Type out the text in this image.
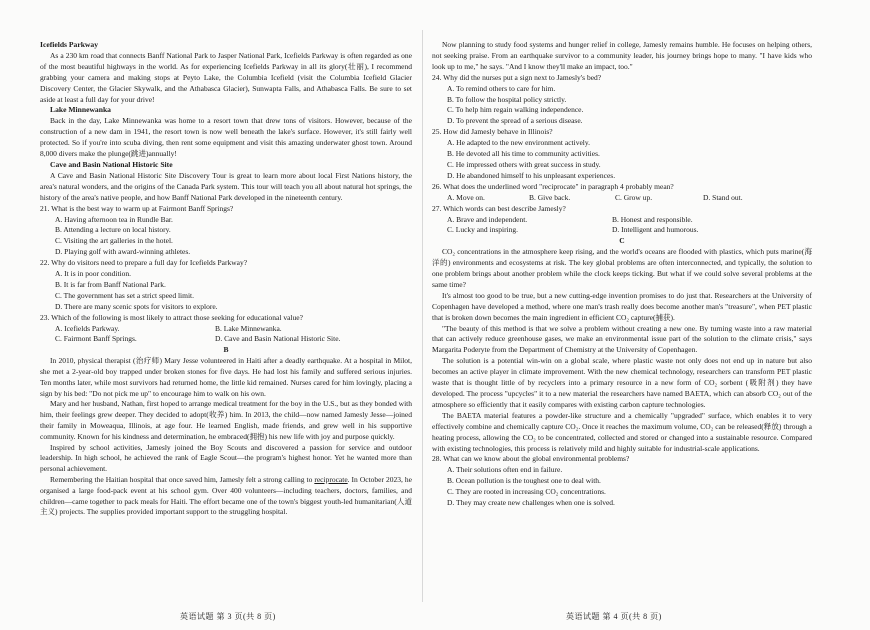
Icefields Parkway

As a 230 km road that connects Banff National Park to Jasper National Park, Icefields Parkway is often regarded as one of the most beautiful highways in the world. As for experiencing Icefields Parkway in all its glory(壮丽), I recommend grabbing your camera and making stops at Peyto Lake, the Columbia Icefield (visit the Columbia Icefield Glacier Discovery Center, the Glacier Skywalk, and the Athabasca Glacier), Sunwapta Falls, and Athabasca Falls. Be sure to set aside at least a full day for your drive!

Lake Minnewanka

Back in the day, Lake Minnewanka was home to a resort town that drew tons of visitors. However, because of the construction of a new dam in 1941, the resort town is now well beneath the lake's surface. However, it's still fairly well protected. So if you're into scuba diving, then rent some equipment and visit this amazing underwater ghost town. Around 8,000 divers make the plunge(跳进)annually!

Cave and Basin National Historic Site

A Cave and Basin National Historic Site Discovery Tour is great to learn more about local First Nations history, the area's natural wonders, and the origins of the Canada Park system. This tour will teach you all about natural hot springs, the history of the area's native people, and how Banff National Park developed in the nineteenth century.

21. What is the best way to warm up at Fairmont Banff Springs?

A. Having afternoon tea in Rundle Bar.

B. Attending a lecture on local history.

C. Visiting the art galleries in the hotel.

D. Playing golf with award-winning athletes.

22. Why do visitors need to prepare a full day for Icefields Parkway?

A. It is in poor condition.

B. It is far from Banff National Park.

C. The government has set a strict speed limit.

D. There are many scenic spots for visitors to explore.

23. Which of the following is most likely to attract those seeking for educational value?

A. Icefields Parkway.	B. Lake Minnewanka.
C. Fairmont Banff Springs.	D. Cave and Basin National Historic Site.

B

In 2010, physical therapist (治疗师) Mary Jesse volunteered in Haiti after a deadly earthquake. At a hospital in Milot, she met a 2-year-old boy trapped under broken stones for five days. He had lost his family and suffered serious injuries. Ten months later, while most survivors had returned home, the little kid remained. Nurses cared for him lovingly, placing a sign by his bed: "Do not pick me up" to encourage him to walk on his own.

Mary and her husband, Nathan, first hoped to arrange medical treatment for the boy in the U.S., but as they bonded with him, their feelings grew deeper. They decided to adopt(收养) him. In 2013, the child—now named Jamesly Jesse—joined their family in Moweaqua, Illinois, at age four. He learned English, made friends, and grew well in his supportive community. Known for his kindness and determination, he embraced(拥抱) his new life with joy and purpose quickly.

Inspired by school activities, Jamesly joined the Boy Scouts and discovered a passion for service and outdoor leadership. In high school, he achieved the rank of Eagle Scout—the program's highest honor. Yet he wanted more than personal achievement.

Remembering the Haitian hospital that once saved him, Jamesly felt a strong calling to reciprocate. In October 2023, he organised a large food-pack event at his school gym. Over 400 volunteers—including teachers, doctors, families, and children—came together to pack meals for Haiti. The effort became one of the town's biggest youth-led humanitarian(人道主义) projects. The supplies provided important support to the struggling hospital.

Now planning to study food systems and hunger relief in college, Jamesly remains humble. He focuses on helping others, not seeking praise. From an earthquake survivor to a community leader, his journey brings hope to many. "I have kids who look up to me," he says. "And I know they'll make an impact, too."

24. Why did the nurses put a sign next to Jamesly's bed?

A. To remind others to care for him.

B. To follow the hospital policy strictly.

C. To help him regain walking independence.

D. To prevent the spread of a serious disease.

25. How did Jamesly behave in Illinois?

A. He adapted to the new environment actively.

B. He devoted all his time to community activities.

C. He impressed others with great success in study.

D. He abandoned himself to his unpleasant experiences.

26. What does the underlined word "reciprocate" in paragraph 4 probably mean?

A. Move on.	B. Give back.	C. Grow up.	D. Stand out.

27. Which words can best describe Jamesly?

A. Brave and independent.	B. Honest and responsible.
C. Lucky and inspiring.	D. Intelligent and humorous.

C

CO₂ concentrations in the atmosphere keep rising, and the world's oceans are flooded with plastics, which puts marine(海洋的) environments and ecosystems at risk. The key global problems are often interconnected, and typically, the solution to one problem brings about another problem while the clock keeps ticking. But what if we could solve several problems at the same time?

It's almost too good to be true, but a new cutting-edge invention promises to do just that. Researchers at the University of Copenhagen have developed a method, where one man's trash really does become another man's "treasure", when PET plastic that is broken down becomes the main ingredient in efficient CO₂ capture(捕获).

"The beauty of this method is that we solve a problem without creating a new one. By turning waste into a raw material that can actively reduce greenhouse gases, we make an environmental issue part of the solution to the climate crisis," says Margarita Poderyte from the Department of Chemistry at the University of Copenhagen.

The solution is a potential win-win on a global scale, where plastic waste not only does not end up in nature but also becomes an active player in climate improvement. With the new chemical technology, researchers can transform PET plastic waste that is thought little of by recyclers into a primary resource in a new form of CO₂ sorbent (吸附剂) they have developed. The process "upcycles" it to a new material the researchers have named BAETA, which can absorb CO₂ out of the atmosphere so efficiently that it easily compares with existing carbon capture technologies.

The BAETA material features a powder-like structure and a chemically "upgraded" surface, which enables it to very effectively combine and chemically capture CO₂. Once it reaches the maximum volume, CO₂ can be released(释放) through a heating process, allowing the CO₂ to be concentrated, collected and stored or changed into a sustainable resource. Compared with existing technologies, this process is relatively mild and highly suitable for industrial-scale applications.

28. What can we know about the global environmental problems?

A. Their solutions often end in failure.

B. Ocean pollution is the toughest one to deal with.

C. They are rooted in increasing CO₂ concentrations.

D. They may create new challenges when one is solved.

英语试题 第 3 页(共 8 页)	英语试题 第 4 页(共 8 页)
